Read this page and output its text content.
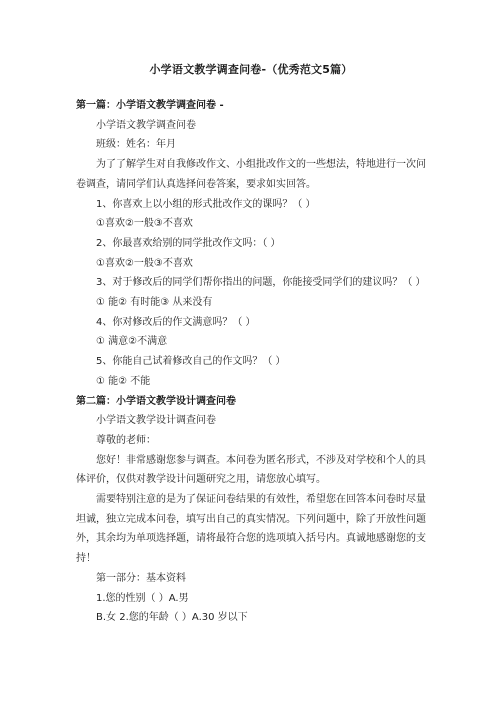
小学语文教学调查问卷-（优秀范文5篇）
第一篇：小学语文教学调查问卷 -

小学语文教学调查问卷

班级：姓名：年月

为了了解学生对自我修改作文、小组批改作文的一些想法，特地进行一次问卷调查，请同学们认真选择问卷答案，要求如实回答。

1、你喜欢上以小组的形式批改作文的课吗？（ ）

①喜欢②一般③不喜欢

2、你最喜欢给别的同学批改作文吗：（ ）

①喜欢②一般③不喜欢

3、对于修改后的同学们帮你指出的问题，你能接受同学们的建议吗？（ ）

① 能② 有时能③ 从来没有

4、你对修改后的作文满意吗？（ ）

① 满意②不满意

5、你能自己试着修改自己的作文吗？（ ）

① 能② 不能

第二篇：小学语文教学设计调查问卷

小学语文教学设计调查问卷

尊敬的老师：

您好！非常感谢您参与调查。本问卷为匿名形式，不涉及对学校和个人的具体评价，仅供对教学设计问题研究之用，请您放心填写。

需要特别注意的是为了保证问卷结果的有效性，希望您在回答本问卷时尽量坦诚，独立完成本问卷，填写出自己的真实情况。下列问题中，除了开放性问题外，其余均为单项选择题，请将最符合您的选项填入括号内。真诚地感谢您的支持！

第一部分：基本资料

1.您的性别（ ）A.男

B.女 2.您的年龄（ ）A.30 岁以下
